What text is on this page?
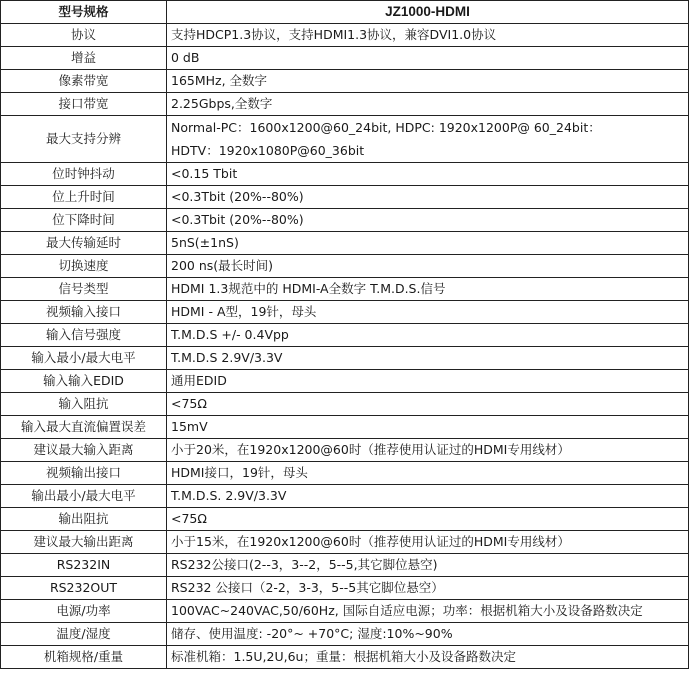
型号规格	JZ1000-HDMI
协议	支持HDCP1.3协议，支持HDMI1.3协议，兼容DVI1.0协议
增益	0 dB
像素带宽	165MHz, 全数字
接口带宽	2.25Gbps,全数字
最大支持分辨	Normal-PC：1600x1200@60_24bit, HDPC: 1920x1200P@ 60_24bit：
HDTV：1920x1080P@60_36bit

位时钟抖动	<0.15 Tbit
位上升时间	<0.3Tbit (20%--80%)
位下降时间	<0.3Tbit (20%--80%)
最大传输延时	5nS(±1nS)
切换速度	200 ns(最长时间)
信号类型	HDMI 1.3规范中的 HDMI-A全数字 T.M.D.S.信号
视频输入接口	HDMI - A型，19针，母头
输入信号强度	T.M.D.S +/- 0.4Vpp
输入最小/最大电平	T.M.D.S 2.9V/3.3V
输入输入EDID	通用EDID
输入阻抗	<75Ω
输入最大直流偏置误差	15mV
建议最大输入距离	小于20米，在1920x1200@60时（推荐使用认证过的HDMI专用线材）
视频输出接口	HDMI接口，19针，母头
输出最小/最大电平	T.M.D.S. 2.9V/3.3V
输出阻抗	<75Ω
建议最大输出距离	小于15米，在1920x1200@60时（推荐使用认证过的HDMI专用线材）
RS232IN	RS232公接口(2--3，3--2，5--5,其它脚位悬空)
RS232OUT	RS232 公接口（2-2，3-3，5--5其它脚位悬空）
电源/功率	100VAC~240VAC,50/60Hz, 国际自适应电源；功率：根据机箱大小及设备路数决定
温度/湿度	储存、使用温度: -20°~ +70°C; 湿度:10%~90%
机箱规格/重量	标准机箱：1.5U,2U,6u；重量：根据机箱大小及设备路数决定
